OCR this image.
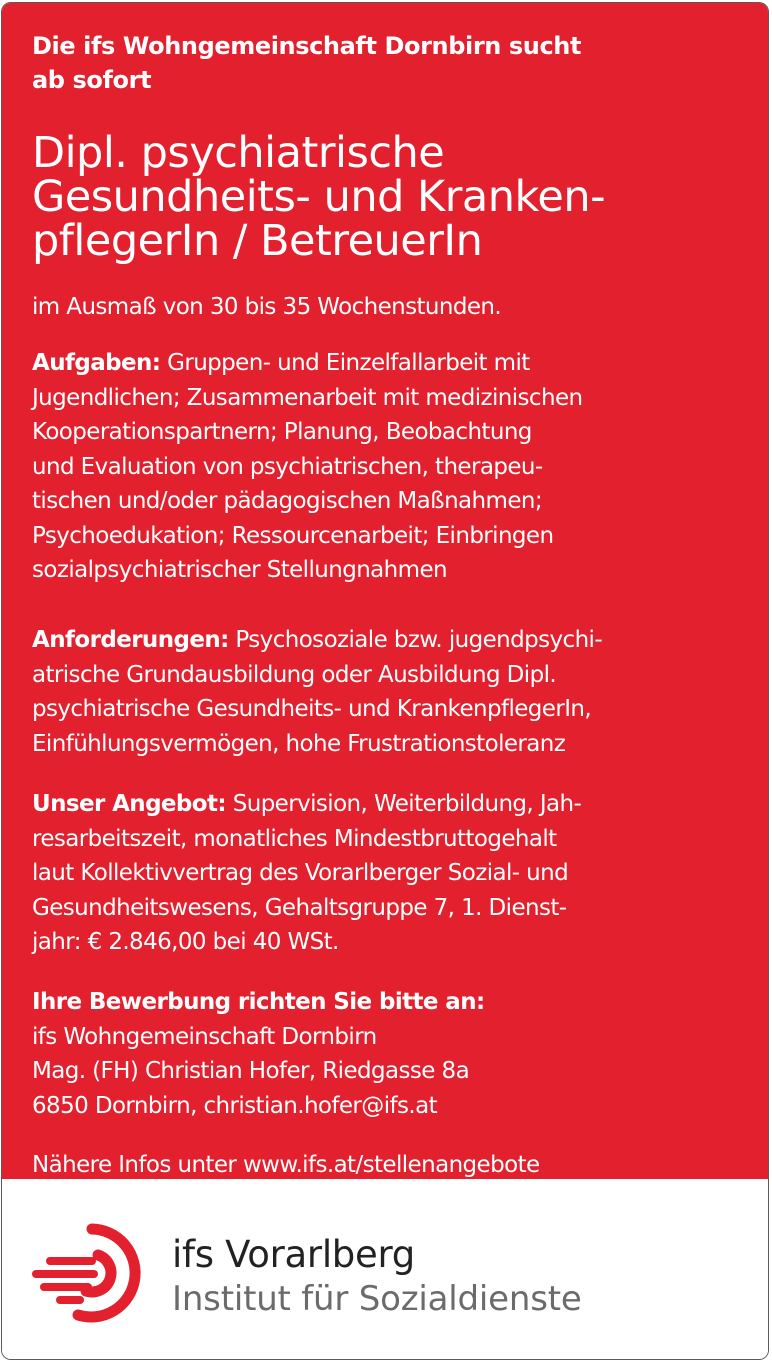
Die ifs Wohngemeinschaft Dornbirn sucht
ab sofort
Dipl. psychiatrische
Gesundheits- und Kranken-
pflegerIn / BetreuerIn
im Ausmaß von 30 bis 35 Wochenstunden.
Aufgaben: Gruppen- und Einzelfallarbeit mit
Jugendlichen; Zusammenarbeit mit medizinischen
Kooperationspartnern; Planung, Beobachtung
und Evaluation von psychiatrischen, therapeu-
tischen und/oder pädagogischen Maßnahmen;
Psychoedukation; Ressourcenarbeit; Einbringen
sozialpsychiatrischer Stellungnahmen
Anforderungen: Psychosoziale bzw. jugendpsychi-
atrische Grundausbildung oder Ausbildung Dipl.
psychiatrische Gesundheits- und KrankenpflegerIn,
Einfühlungsvermögen, hohe Frustrationstoleranz
Unser Angebot: Supervision, Weiterbildung, Jah-
resarbeitszeit, monatliches Mindestbruttogehalt
laut Kollektivvertrag des Vorarlberger Sozial- und
Gesundheitswesens, Gehaltsgruppe 7, 1. Dienst-
jahr: € 2.846,00 bei 40 WSt.
Ihre Bewerbung richten Sie bitte an:
ifs Wohngemeinschaft Dornbirn
Mag. (FH) Christian Hofer, Riedgasse 8a
6850 Dornbirn, christian.hofer@ifs.at
Nähere Infos unter www.ifs.at/stellenangebote
ifs Vorarlberg
Institut für Sozialdienste
